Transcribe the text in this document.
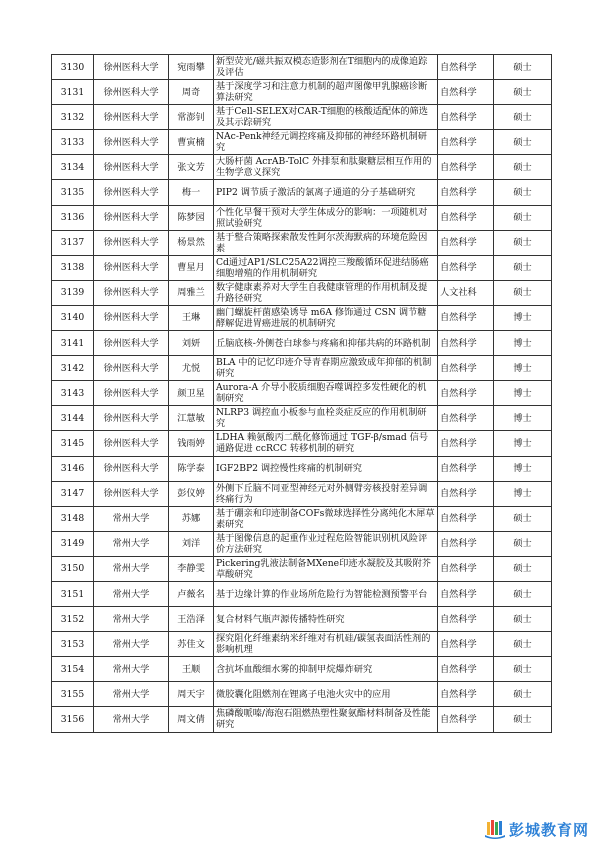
3130	徐州医科大学	宛雨攀	新型荧光/磁共振双模态造影剂在T细胞内的成像追踪及评估	自然科学	硕士
3131	徐州医科大学	周奇	基于深度学习和注意力机制的超声图像甲乳腺癌诊断算法研究	自然科学	硕士
3132	徐州医科大学	常澎钊	基于Cell-SELEX对CAR-T细胞的核酸适配体的筛选及其示踪研究	自然科学	硕士
3133	徐州医科大学	曹寅楠	NAc-Penk神经元调控疼痛及抑郁的神经环路机制研究	自然科学	硕士
3134	徐州医科大学	张文芳	大肠杆菌 AcrAB-TolC 外排泵和肽聚糖层相互作用的生物学意义探究	自然科学	硕士
3135	徐州医科大学	梅一	PIP2 调节质子激活的氯离子通道的分子基础研究	自然科学	硕士
3136	徐州医科大学	陈梦园	个性化早餐干预对大学生体成分的影响：一项随机对照试验研究	自然科学	硕士
3137	徐州医科大学	杨景然	基于整合策略探索散发性阿尔茨海默病的环境危险因素	自然科学	硕士
3138	徐州医科大学	曹星月	Cd通过AP1/SLC25A22调控三羧酸循环促进结肠癌细胞增殖的作用机制研究	自然科学	硕士
3139	徐州医科大学	周雅兰	数字健康素养对大学生自我健康管理的作用机制及提升路径研究	人文社科	硕士
3140	徐州医科大学	王琳	幽门螺旋杆菌感染诱导 m6A 修饰通过 CSN 调节糖酵解促进胃癌进展的机制研究	自然科学	博士
3141	徐州医科大学	刘妍	丘脑底核-外侧苍白球参与疼痛和抑郁共病的环路机制	自然科学	博士
3142	徐州医科大学	尤悦	BLA 中的记忆印迹介导青春期应激致成年抑郁的机制研究	自然科学	博士
3143	徐州医科大学	颜卫星	Aurora-A 介导小胶质细胞吞噬调控多发性硬化的机制研究	自然科学	博士
3144	徐州医科大学	江慧敏	NLRP3 调控血小板参与血栓炎症反应的作用机制研究	自然科学	博士
3145	徐州医科大学	钱雨婷	LDHA 赖氨酸丙二酰化修饰通过 TGF-β/smad 信号通路促进 ccRCC 转移机制的研究	自然科学	博士
3146	徐州医科大学	陈学泰	IGF2BP2 调控慢性疼痛的机制研究	自然科学	博士
3147	徐州医科大学	彭仪婷	外侧下丘脑不同亚型神经元对外侧臂旁核投射差异调终痛行为	自然科学	博士
3148	常州大学	苏娜	基于硼亲和印迹制备COFs微球选择性分离纯化木犀草素研究	自然科学	硕士
3149	常州大学	刘洋	基于图像信息的起重作业过程危险智能识别机风险评价方法研究	自然科学	硕士
3150	常州大学	李静雯	Pickering乳液法制备MXene印迹水凝胶及其吸附芥草酸研究	自然科学	硕士
3151	常州大学	卢薇名	基于边缘计算的作业场所危险行为智能检测预警平台	自然科学	硕士
3152	常州大学	王浩泽	复合材料气瓶声源传播特性研究	自然科学	硕士
3153	常州大学	苏佳文	探究阻化纤维素纳米纤维对有机硅/碳氢表面活性剂的影响机理	自然科学	硕士
3154	常州大学	王顺	含抗坏血酸细水雾的抑制甲烷爆炸研究	自然科学	硕士
3155	常州大学	周天宇	微胶囊化阻燃剂在锂离子电池火灾中的应用	自然科学	硕士
3156	常州大学	周文倩	焦磷酸哌嗪/海泡石阻燃热塑性聚氨酯材料制备及性能研究	自然科学	硕士
彭城教育网
